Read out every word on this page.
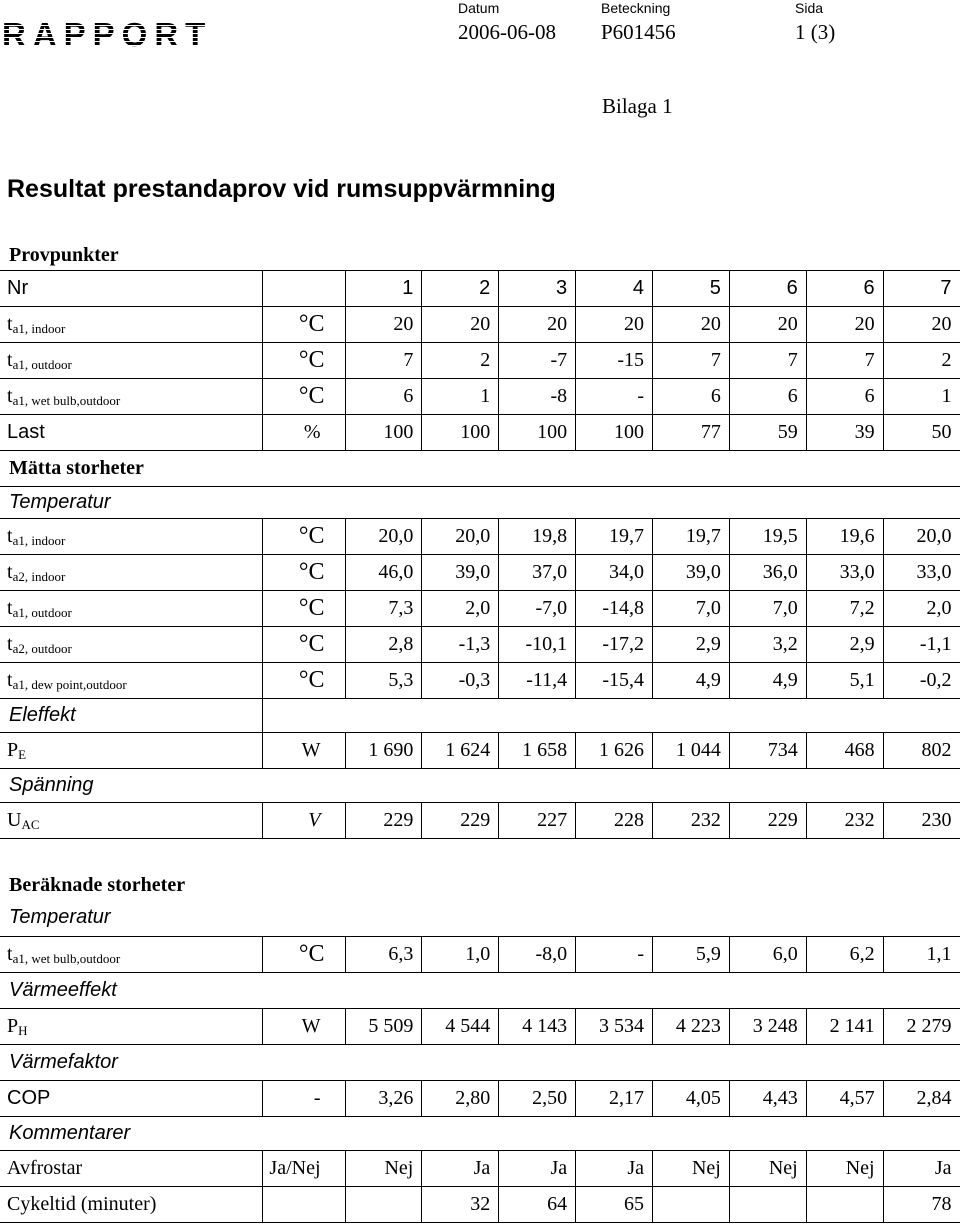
RAPPORT
Datum	Beteckning	Sida
2006-06-08 P601456	1 (3)
Bilaga 1
Resultat prestandaprov vid rumsuppvärmning
Provpunkter
Nr		1	2	3	4	5	6	6	7
$t_{a1, indoor}$	°C	20	20	20	20	20	20	20	20
$t_{a1, outdoor}$	°C	7	2	-7	-15	7	7	7	2
$t_{a1, wet bulb,outdoor}$	°C	6	1	-8	-	6	6	6	1
Last	%	100	100	100	100	77	59	39	50
Mätta storheter									
Temperatur									
$t_{a1, indoor}$	°C	20,0	20,0	19,8	19,7	19,7	19,5	19,6	20,0
$t_{a2, indoor}$	°C	46,0	39,0	37,0	34,0	39,0	36,0	33,0	33,0
$t_{a1, outdoor}$	°C	7,3	2,0	-7,0	-14,8	7,0	7,0	7,2	2,0
$t_{a2, outdoor}$	°C	2,8	-1,3	-10,1	-17,2	2,9	3,2	2,9	-1,1
$t_{a1, dew point,outdoor}$	°C	5,3	-0,3	-11,4	-15,4	4,9	4,9	5,1	-0,2
Eleffekt									
$P_E$	W	1 690	1 624	1 658	1 626	1 044	734	468	802
Spänning									
$U_{AC}$	V	229	229	227	228	232	229	232	230
Beräknade storheter
Temperatur
$t_{a1, wet bulb,outdoor}$	°C	6,3	1,0	-8,0	-	5,9	6,0	6,2	1,1
Värmeeffekt									
$P_H$	W	5 509	4 544	4 143	3 534	4 223	3 248	2 141	2 279
Värmefaktor									
COP	-	3,26	2,80	2,50	2,17	4,05	4,43	4,57	2,84
Kommentarer									
Avfrostar	Ja/Nej	Nej	Ja	Ja	Ja	Nej	Nej	Nej	Ja
Cykeltid (minuter)			32	64	65				78
